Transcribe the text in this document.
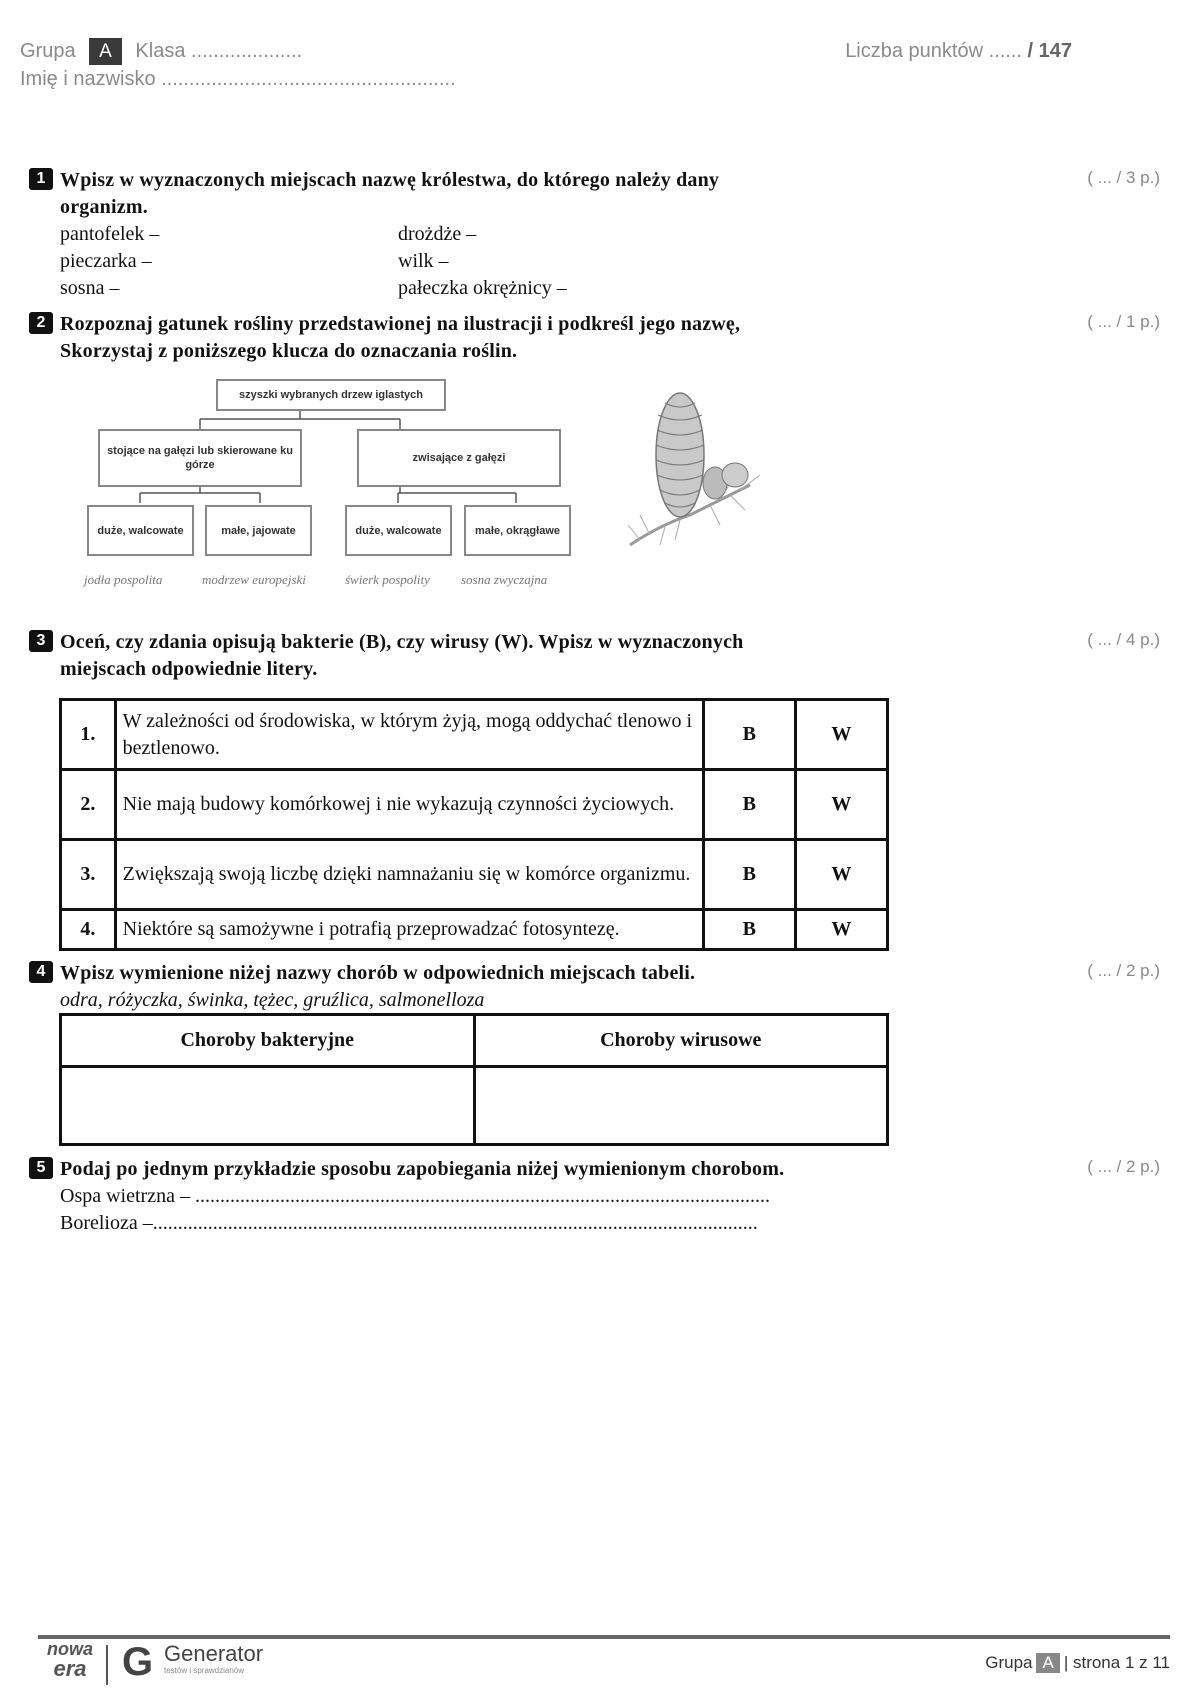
Grupa A Klasa ....................
Imię i nazwisko .....................................................
Liczba punktów ...... / 147
1 Wpisz w wyznaczonych miejscach nazwę królestwa, do którego należy dany
organizm.
( ... / 3 p.)
pantofelek –	drożdże –
pieczarka –	wilk –
sosna –	pałeczka okrężnicy –
2 Rozpoznaj gatunek rośliny przedstawionej na ilustracji i podkreśl jego nazwę,
Skorzystaj z poniższego klucza do oznaczania roślin.
( ... / 1 p.)
szyszki wybranych drzew iglastych
stojące na gałęzi lub skierowane ku górze
zwisające z gałęzi
duże, walcowate	małe, jajowate	duże, walcowate	małe, okrągławe
jodła pospolita	modrzew europejski	świerk pospolity sosna zwyczajna
3 Oceń, czy zdania opisują bakterie (B), czy wirusy (W). Wpisz w wyznaczonych
miejscach odpowiednie litery.
( ... / 4 p.)
1.	W zależności od środowiska, w którym żyją, mogą oddychać tlenowo i beztlenowo.	B	W
2.	Nie mają budowy komórkowej i nie wykazują czynności życiowych.	B	W
3.	Zwiększają swoją liczbę dzięki namnażaniu się w komórce organizmu.	B	W
4.	Niektóre są samożywne i potrafią przeprowadzać fotosyntezę.	B	W
4 Wpisz wymienione niżej nazwy chorób w odpowiednich miejscach tabeli.
odra, różyczka, świnka, tężec, gruźlica, salmonelloza
( ... / 2 p.)
Choroby bakteryjne	Choroby wirusowe

5 Podaj po jednym przykładzie sposobu zapobiegania niżej wymienionym chorobom.	( ... / 2 p.)
Ospa wietrzna – ...................................................................................................................
Borelioza –.........................................................................................................................
nowa
era G Generator
testów i sprawdzianów	Grupa A | strona 1 z 11
